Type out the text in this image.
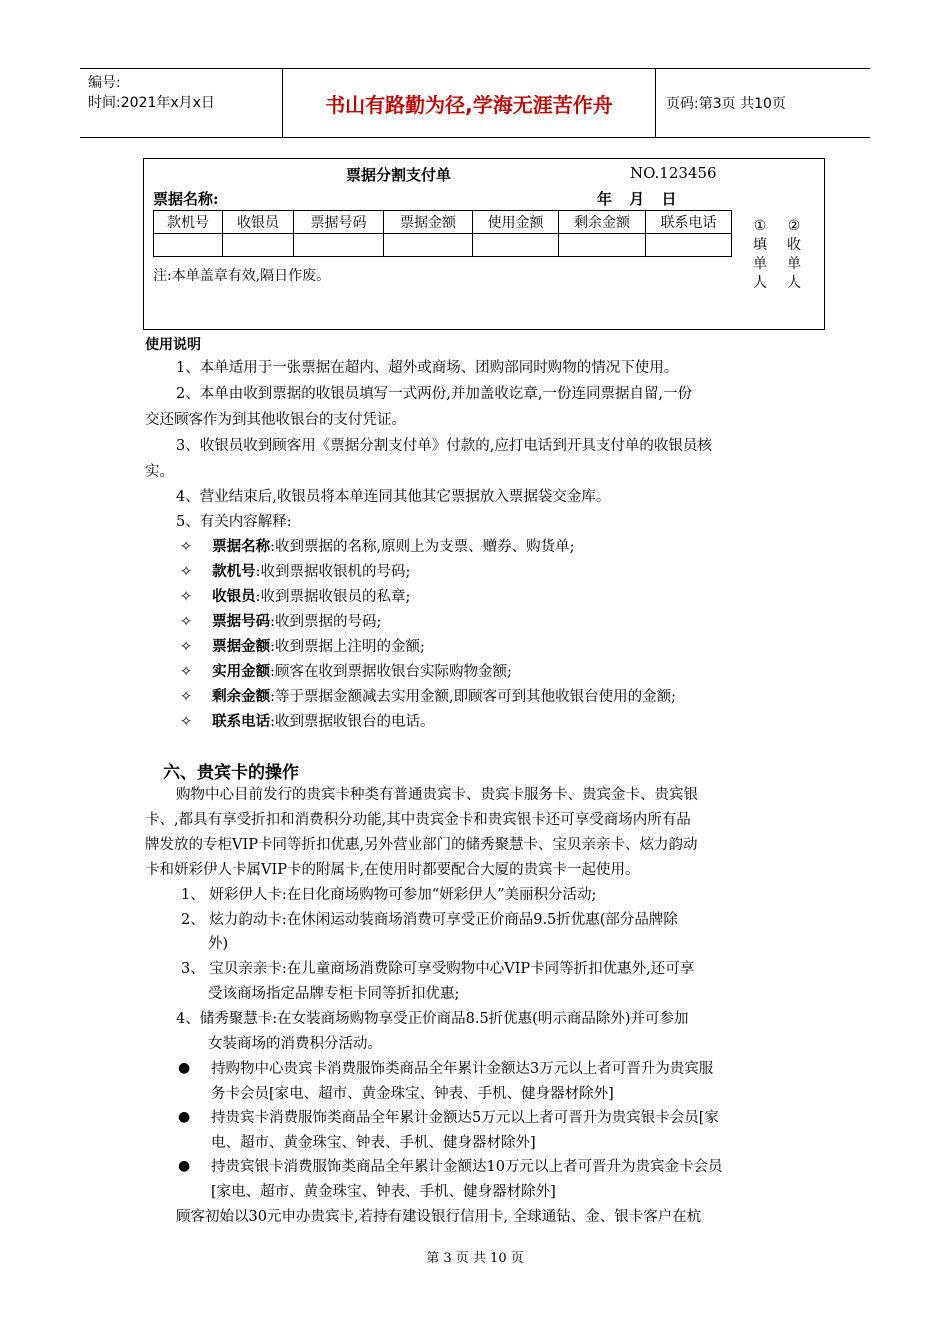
编号:
时间:2021年x月x日	书山有路勤为径,学海无涯苦作舟	页码:第3页 共10页
票据分割支付单	NO.123456
票据名称:	年 月 日
款机号	收银员	票据号码	票据金额	使用金额	剩余金额	联系电话

注:本单盖章有效,隔日作废。
①
填
单
人
②
收
单
人
使用说明
1、本单适用于一张票据在超内、超外或商场、团购部同时购物的情况下使用。
2、本单由收到票据的收银员填写一式两份,并加盖收讫章,一份连同票据自留,一份
交还顾客作为到其他收银台的支付凭证。
3、收银员收到顾客用《票据分割支付单》付款的,应打电话到开具支付单的收银员核
实。
4、营业结束后,收银员将本单连同其他其它票据放入票据袋交金库。
5、有关内容解释:
✧ 票据名称:收到票据的名称,原则上为支票、赠券、购货单;
✧ 款机号:收到票据收银机的号码;
✧ 收银员:收到票据收银员的私章;
✧ 票据号码:收到票据的号码;
✧ 票据金额:收到票据上注明的金额;
✧ 实用金额:顾客在收到票据收银台实际购物金额;
✧ 剩余金额:等于票据金额减去实用金额,即顾客可到其他收银台使用的金额;
✧ 联系电话:收到票据收银台的电话。
六、贵宾卡的操作
购物中心目前发行的贵宾卡种类有普通贵宾卡、贵宾卡服务卡、贵宾金卡、贵宾银
卡、,都具有享受折扣和消费积分功能,其中贵宾金卡和贵宾银卡还可享受商场内所有品
牌发放的专柜VIP卡同等折扣优惠,另外营业部门的储秀聚慧卡、宝贝亲亲卡、炫力韵动
卡和妍彩伊人卡属VIP卡的附属卡,在使用时都要配合大厦的贵宾卡一起使用。
1、 妍彩伊人卡:在日化商场购物可参加“妍彩伊人”美丽积分活动;
2、 炫力韵动卡:在休闲运动装商场消费可享受正价商品9.5折优惠(部分品牌除
外)
3、 宝贝亲亲卡:在儿童商场消费除可享受购物中心VIP卡同等折扣优惠外,还可享
受该商场指定品牌专柜卡同等折扣优惠;
4、储秀聚慧卡:在女装商场购物享受正价商品8.5折优惠(明示商品除外)并可参加
女装商场的消费积分活动。
● 持购物中心贵宾卡消费服饰类商品全年累计金额达3万元以上者可晋升为贵宾服
务卡会员[家电、超市、黄金珠宝、钟表、手机、健身器材除外]
● 持贵宾卡消费服饰类商品全年累计金额达5万元以上者可晋升为贵宾银卡会员[家
电、超市、黄金珠宝、钟表、手机、健身器材除外]
● 持贵宾银卡消费服饰类商品全年累计金额达10万元以上者可晋升为贵宾金卡会员
[家电、超市、黄金珠宝、钟表、手机、健身器材除外]
顾客初始以30元申办贵宾卡,若持有建设银行信用卡, 全球通钻、金、银卡客户在杭
第 3 页 共 10 页
